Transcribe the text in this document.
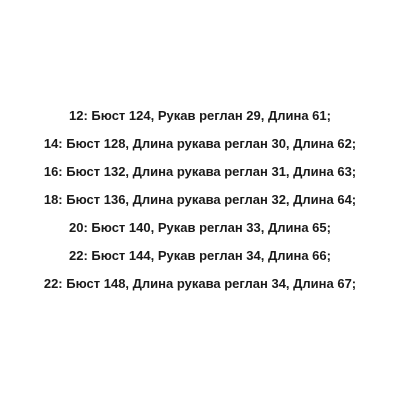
12: Бюст 124, Рукав реглан 29, Длина 61;
14: Бюст 128, Длина рукава реглан 30, Длина 62;
16: Бюст 132, Длина рукава реглан 31, Длина 63;
18: Бюст 136, Длина рукава реглан 32, Длина 64;
20: Бюст 140, Рукав реглан 33, Длина 65;
22: Бюст 144, Рукав реглан 34, Длина 66;
22: Бюст 148, Длина рукава реглан 34, Длина 67;
